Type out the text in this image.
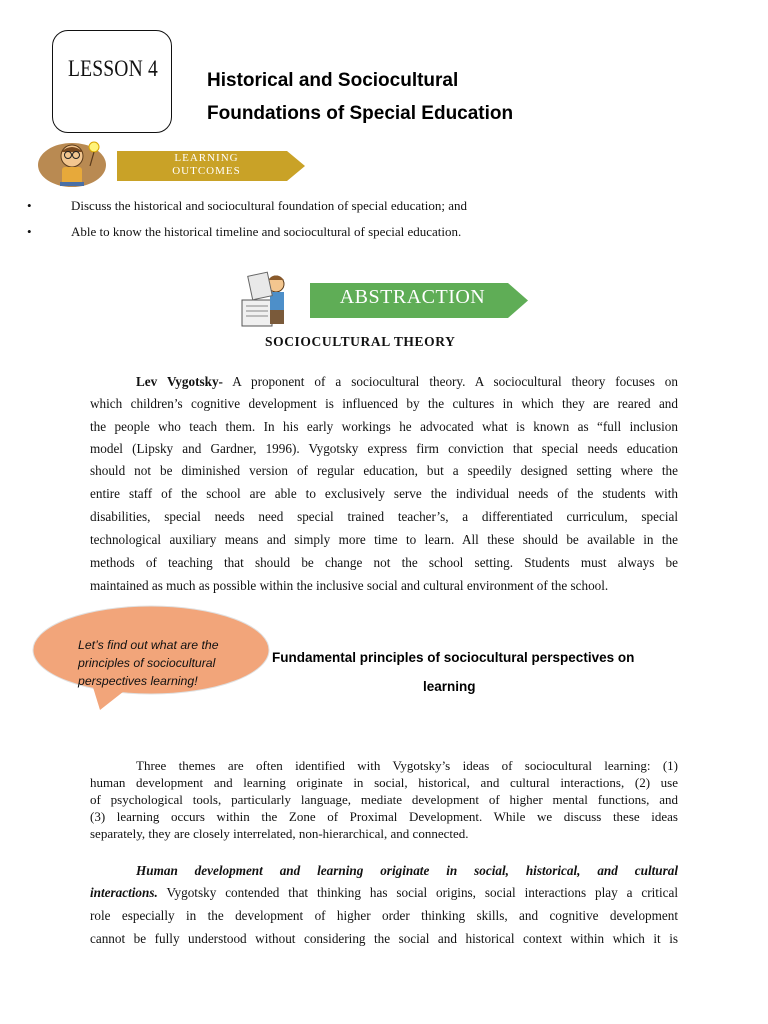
LESSON 4	Historical and Sociocultural
Foundations of Special Education
LEARNING
OUTCOMES
•	Discuss the historical and sociocultural foundation of special education; and
•	Able to know the historical timeline and sociocultural of special education.
ABSTRACTION
SOCIOCULTURAL THEORY
Lev Vygotsky- A proponent of a sociocultural theory. A sociocultural theory focuses on
which children’s cognitive development is influenced by the cultures in which they are reared and
the people who teach them. In his early workings he advocated what is known as “full inclusion
model (Lipsky and Gardner, 1996). Vygotsky express firm conviction that special needs education
should not be diminished version of regular education, but a speedily designed setting where the
entire staff of the school are able to exclusively serve the individual needs of the students with
disabilities, special needs need special trained teacher’s, a differentiated curriculum, special
technological auxiliary means and simply more time to learn. All these should be available in the
methods of teaching that should be change not the school setting. Students must always be
maintained as much as possible within the inclusive social and cultural environment of the school.
Let’s find out what are the
principles of sociocultural
perspectives learning!
Fundamental principles of sociocultural perspectives on
learning
Three themes are often identified with Vygotsky’s ideas of sociocultural learning: (1)
human development and learning originate in social, historical, and cultural interactions, (2) use
of psychological tools, particularly language, mediate development of higher mental functions, and
(3) learning occurs within the Zone of Proximal Development. While we discuss these ideas
separately, they are closely interrelated, non-hierarchical, and connected.
Human development and learning originate in social, historical, and cultural
interactions. Vygotsky contended that thinking has social origins, social interactions play a critical
role especially in the development of higher order thinking skills, and cognitive development
cannot be fully understood without considering the social and historical context within which it is
